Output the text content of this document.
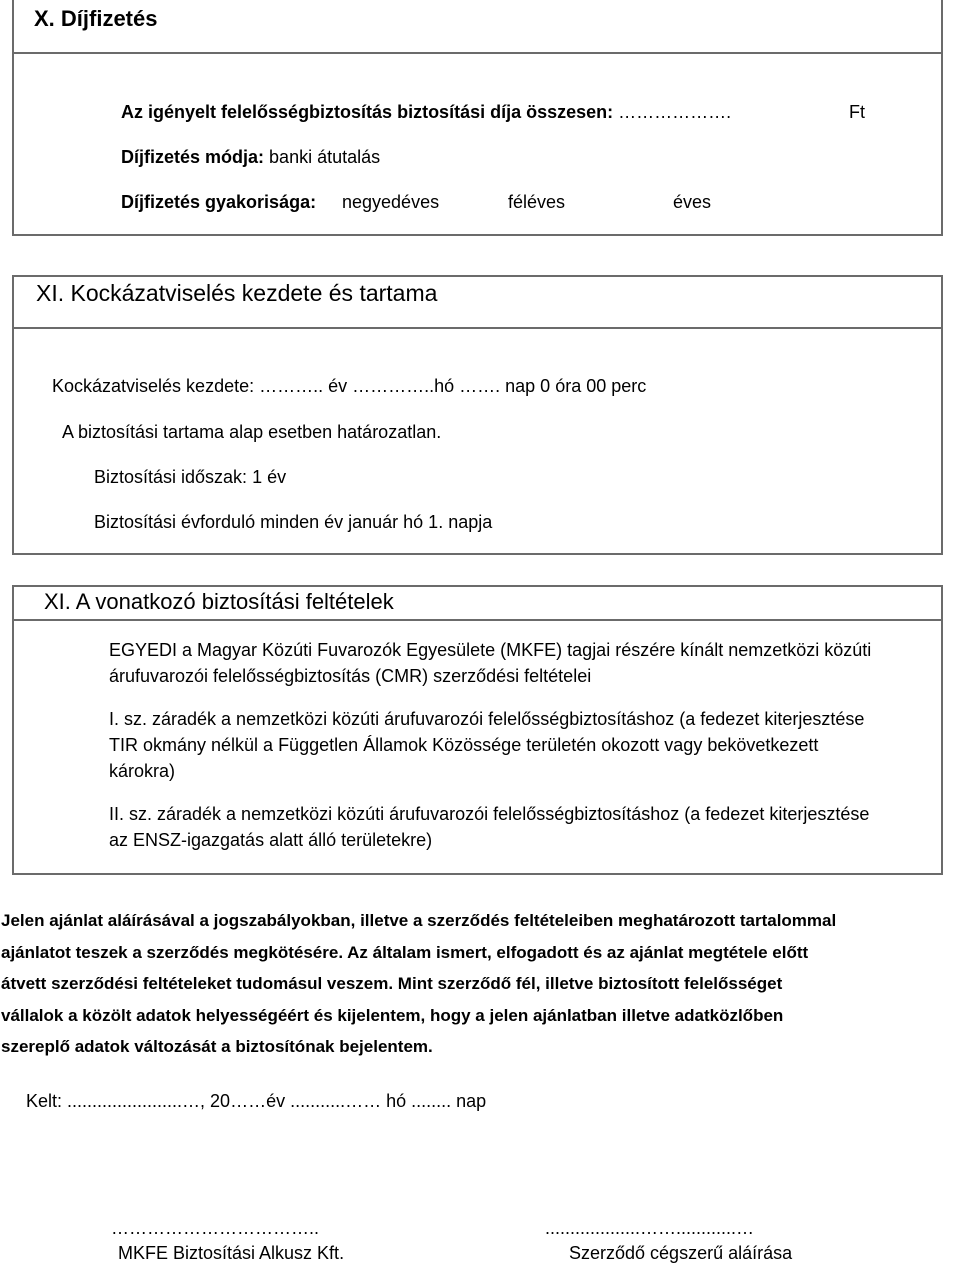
X. Díjfizetés
Az igényelt felelősségbiztosítás biztosítási díja összesen: ……………….	Ft
Díjfizetés módja: banki átutalás
Díjfizetés gyakorisága: negyedéves	féléves	éves
XI. Kockázatviselés kezdete és tartama
Kockázatviselés kezdete: ……….. év …………..hó ……. nap 0 óra 00 perc
A biztosítási tartama alap esetben határozatlan.
Biztosítási időszak: 1 év
Biztosítási évforduló minden év január hó 1. napja
XI. A vonatkozó biztosítási feltételek
EGYEDI a Magyar Közúti Fuvarozók Egyesülete (MKFE) tagjai részére kínált nemzetközi közúti
árufuvarozói felelősségbiztosítás (CMR) szerződési feltételei
I. sz. záradék a nemzetközi közúti árufuvarozói felelősségbiztosításhoz (a fedezet kiterjesztése
TIR okmány nélkül a Független Államok Közössége területén okozott vagy bekövetkezett
károkra)
II. sz. záradék a nemzetközi közúti árufuvarozói felelősségbiztosításhoz (a fedezet kiterjesztése
az ENSZ-igazgatás alatt álló területekre)
Jelen ajánlat aláírásával a jogszabályokban, illetve a szerződés feltételeiben meghatározott tartalommal
ajánlatot teszek a szerződés megkötésére. Az általam ismert, elfogadott és az ajánlat megtétele előtt
átvett szerződési feltételeket tudomásul veszem. Mint szerződő fél, illetve biztosított felelősséget
vállalok a közölt adatok helyességéért és kijelentem, hogy a jelen ajánlatban illetve adatközlőben
szereplő adatok változását a biztosítónak bejelentem.
Kelt: .......................…, 20……év ...........…… hó ........ nap
……………………………..
MKFE Biztosítási Alkusz Kft.
...................……............…
Szerződő cégszerű aláírása
